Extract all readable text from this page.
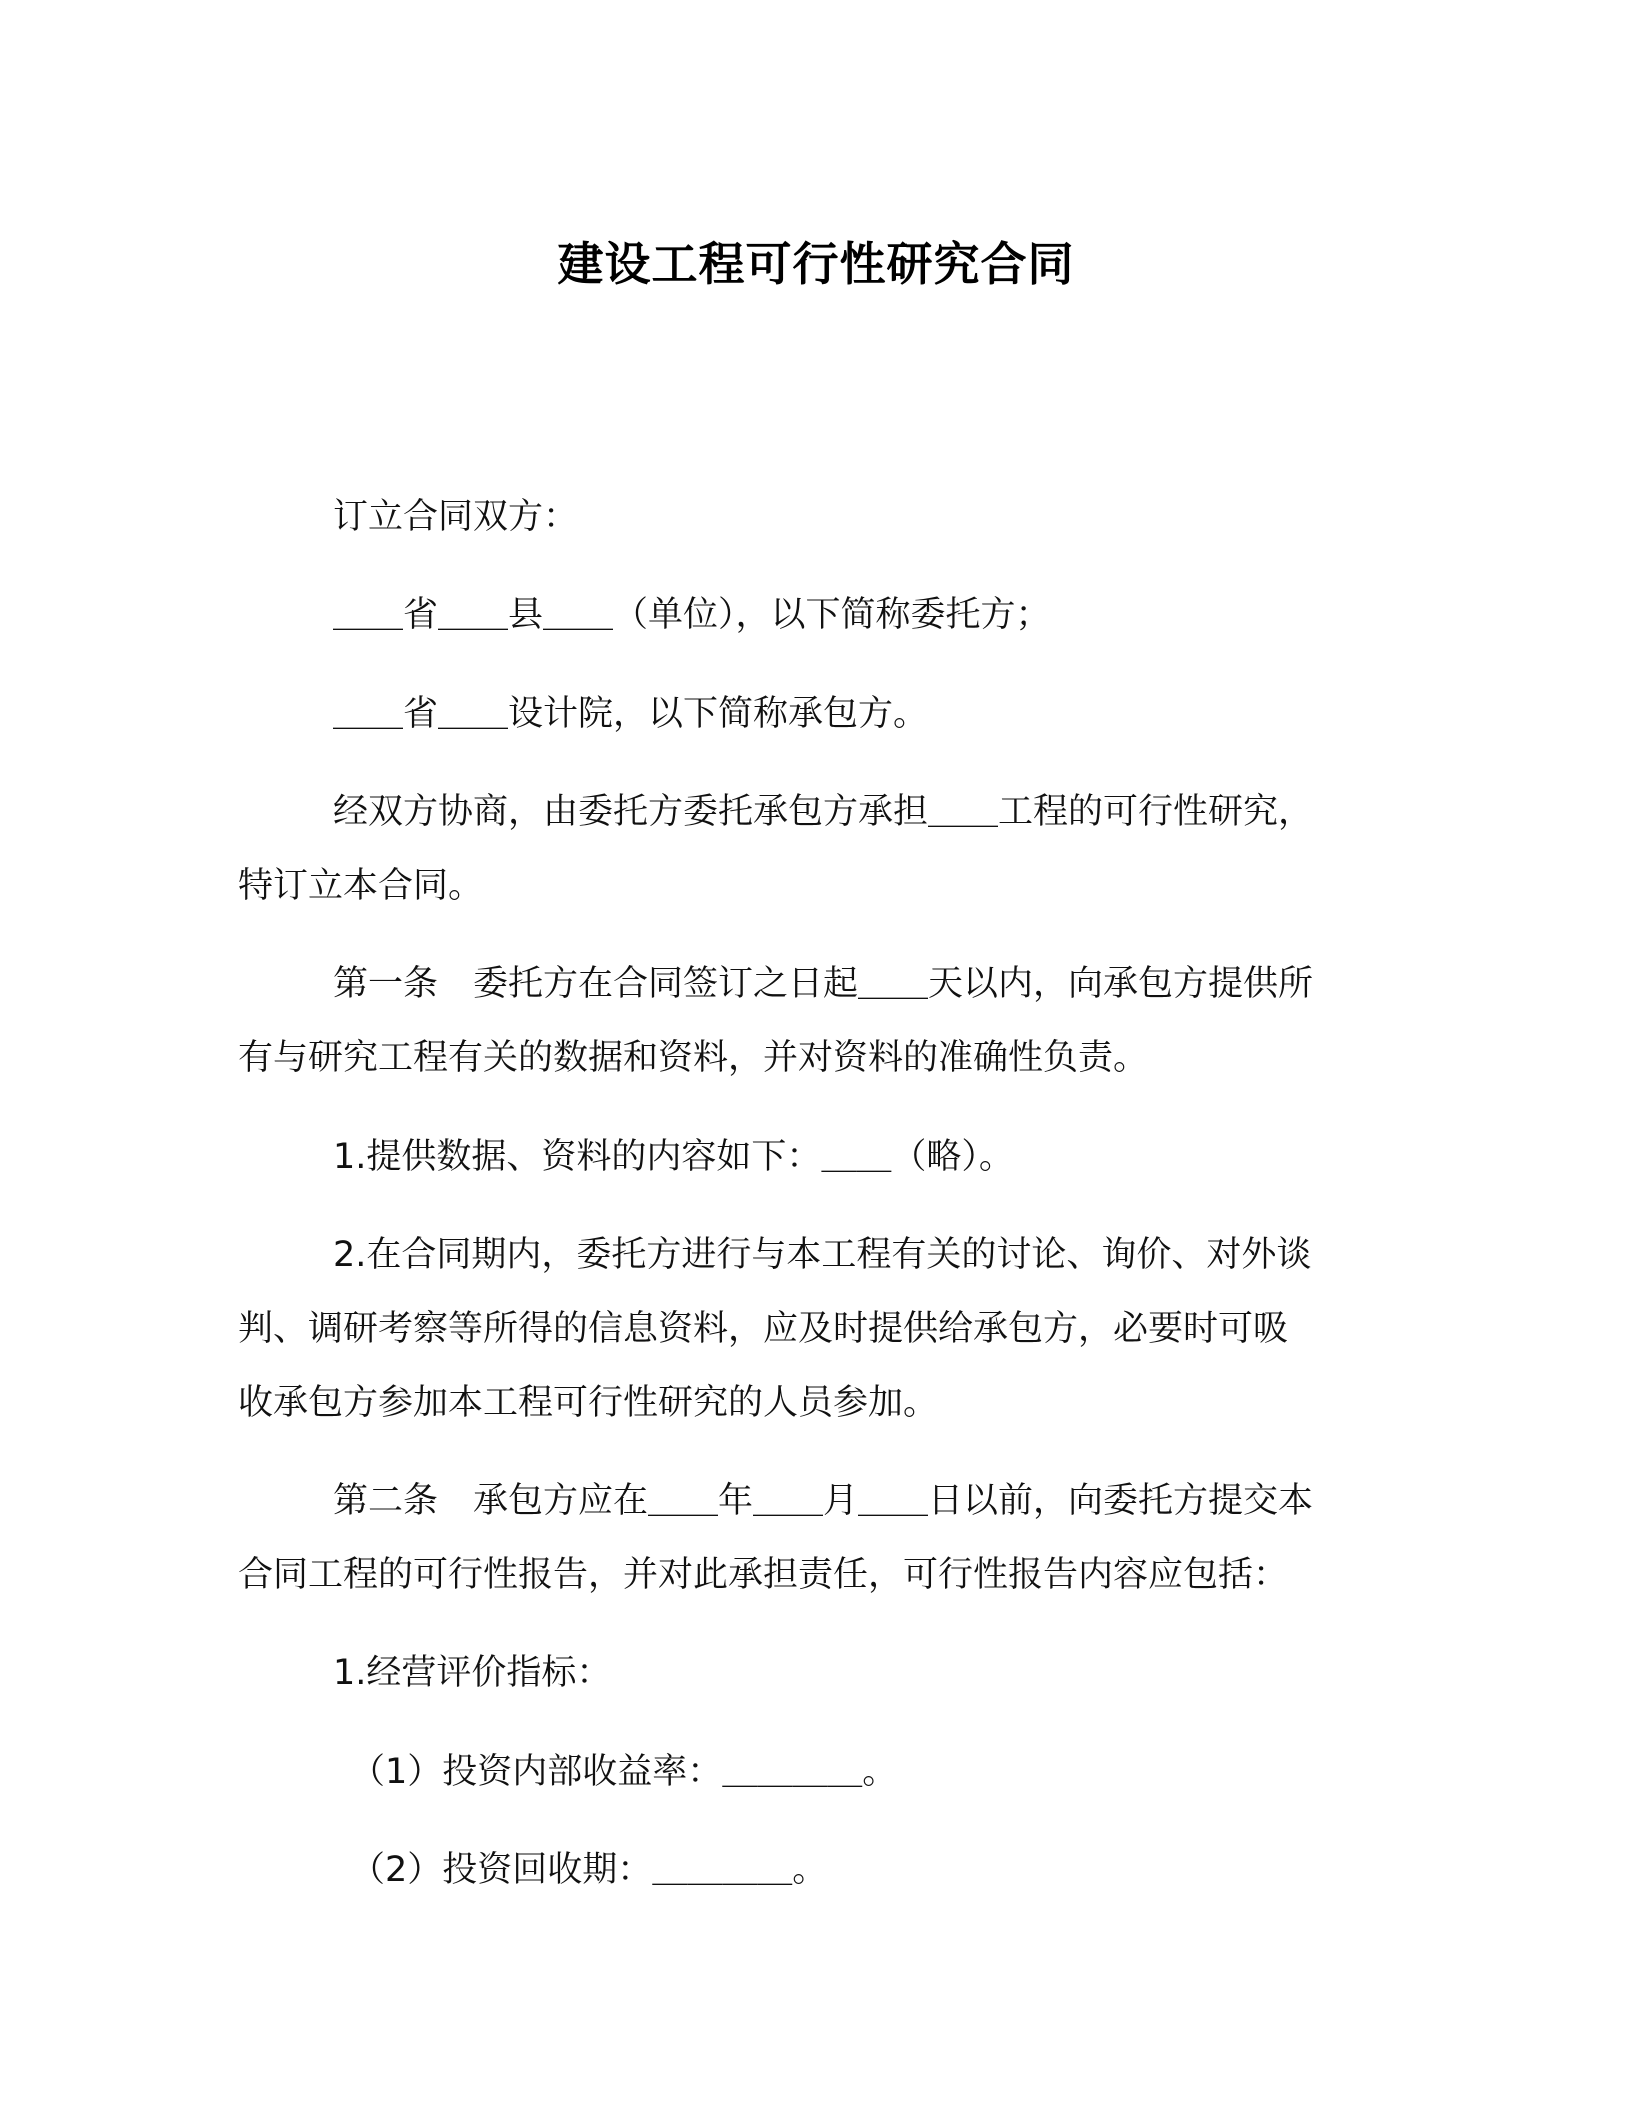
建设工程可行性研究合同

订立合同双方：

＿＿省＿＿县＿＿（单位），以下简称委托方；

＿＿省＿＿设计院，以下简称承包方。

经双方协商，由委托方委托承包方承担＿＿工程的可行性研究，

特订立本合同。

第一条　委托方在合同签订之日起＿＿天以内，向承包方提供所

有与研究工程有关的数据和资料，并对资料的准确性负责。

1.提供数据、资料的内容如下：＿＿（略）。

2.在合同期内，委托方进行与本工程有关的讨论、询价、对外谈

判、调研考察等所得的信息资料，应及时提供给承包方，必要时可吸

收承包方参加本工程可行性研究的人员参加。

第二条　承包方应在＿＿年＿＿月＿＿日以前，向委托方提交本

合同工程的可行性报告，并对此承担责任，可行性报告内容应包括：

1.经营评价指标：

（1）投资内部收益率：＿＿＿＿。

（2）投资回收期：＿＿＿＿。
